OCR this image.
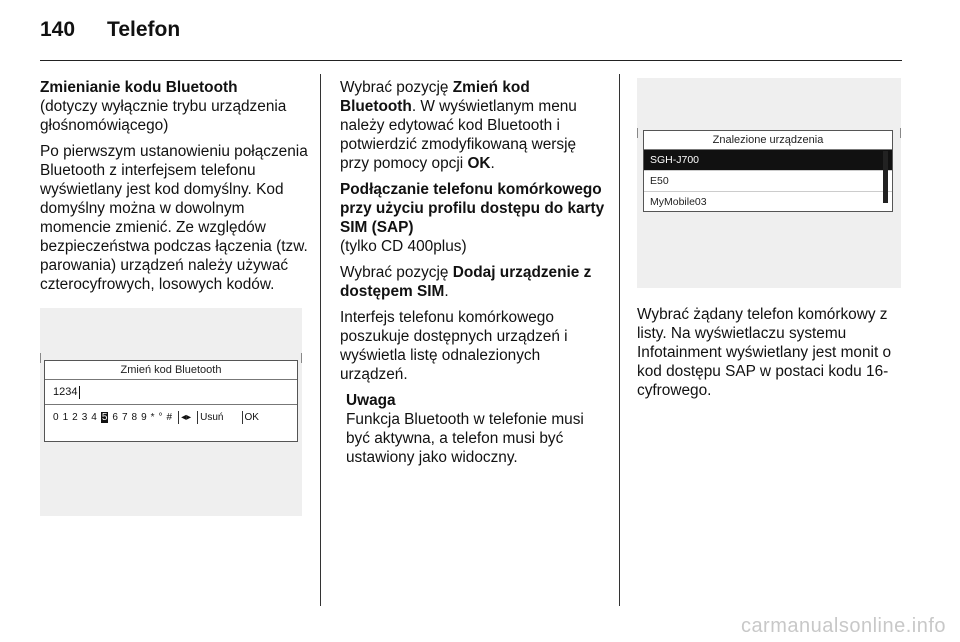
140 Telefon
Zmienianie kodu Bluetooth

(dotyczy wyłącznie trybu urządzenia głośnomówiącego)

Po pierwszym ustanowieniu połączenia Bluetooth z interfejsem telefonu wyświetlany jest kod domyślny. Kod domyślny można w dowolnym momencie zmienić. Ze względów bezpieczeństwa podczas łączenia (tzw. parowania) urządzeń należy używać czterocyfrowych, losowych kodów.

Zmień kod Bluetooth
1234
0 1 2 3 4 5 6 7 8 9 * ° # ◂▸ Usuń OK

Wybrać pozycję Zmień kod Bluetooth. W wyświetlanym menu należy edytować kod Bluetooth i potwierdzić zmodyfikowaną wersję przy pomocy opcji OK.

Podłączanie telefonu komórkowego przy użyciu profilu dostępu do karty SIM (SAP)

(tylko CD 400plus)

Wybrać pozycję Dodaj urządzenie z dostępem SIM.

Interfejs telefonu komórkowego poszukuje dostępnych urządzeń i wyświetla listę odnalezionych urządzeń.

Uwaga
Funkcja Bluetooth w telefonie musi być aktywna, a telefon musi być ustawiony jako widoczny.
Znalezione urządzenia
SGH-J700
E50
MyMobile03

Wybrać żądany telefon komórkowy z listy. Na wyświetlaczu systemu Infotainment wyświetlany jest monit o kod dostępu SAP w postaci kodu 16-cyfrowego.

carmanualsonline.info
